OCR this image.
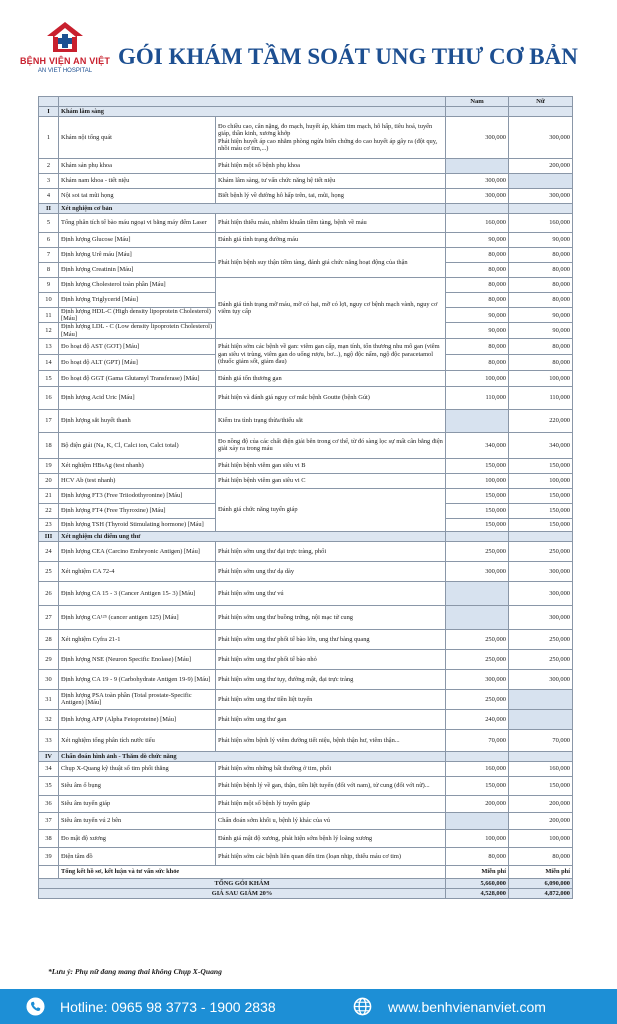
BỆNH VIỆN AN VIỆT
AN VIET HOSPITAL
GÓI KHÁM TẦM SOÁT UNG THƯ CƠ BẢN
			Nam	Nữ
I	Khám lâm sàng			
1	Khám nội tổng quát	Đo chiều cao, cân nặng, đo mạch, huyết áp, khám tim mạch, hô hấp, tiêu hoá, tuyến giáp, thần kinh, xương khớp
Phát hiện huyết áp cao nhằm phòng ngừa biến chứng do cao huyết áp gây ra (đột quỵ, nhồi máu cơ tim,...)	300,000	300,000
2	Khám sản phụ khoa	Phát hiện một số bệnh phụ khoa		200,000
3	Khám nam khoa - tiết niệu	Khám lâm sàng, tư vấn chức năng hệ tiết niệu	300,000	
4	Nội soi tai mũi họng	Biết bệnh lý về đường hô hấp trên, tai, mũi, họng	300,000	300,000
II	Xét nghiệm cơ bản			
5	Tổng phân tích tế bào máu ngoại vi bằng máy đếm Laser	Phát hiện thiếu máu, nhiễm khuẩn tiềm tàng, bệnh về máu	160,000	160,000
6	Định lượng Glucose [Máu]	Đánh giá tình trạng đường máu	90,000	90,000
7	Định lượng Urê máu [Máu]	Phát hiện bệnh suy thận tiềm tàng, đánh giá chức năng hoạt động của thận	80,000	80,000
8	Định lượng Creatinin [Máu]		80,000	80,000
9	Định lượng Cholesterol toàn phần [Máu]	Đánh giá tình trạng mỡ máu, mỡ có hại, mỡ có lợi, nguy cơ bệnh mạch vành, nguy cơ viêm tụy cấp	80,000	80,000
10	Định lượng Triglycerid [Máu]		80,000	80,000
11	Định lượng HDL-C (High density lipoprotein Cholesterol) [Máu]		90,000	90,000
12	Định lượng LDL - C (Low density lipoprotein Cholesterol) [Máu]		90,000	90,000
13	Đo hoạt độ AST (GOT) [Máu]	Phát hiện sớm các bệnh về gan: viêm gan cấp, mạn tính, tổn thương nhu mô gan (viêm gan siêu vi trùng, viêm gan do uống rượu, bơ...), ngộ độc nấm, ngộ độc paracetamol (thuốc giảm sốt, giảm đau)	80,000	80,000
14	Đo hoạt độ ALT (GPT) [Máu]		80,000	80,000
15	Đo hoạt độ GGT (Gama Glutamyl Transferase) [Máu]	Đánh giá tổn thương gan	100,000	100,000
16	Định lượng Acid Uric [Máu]	Phát hiện và đánh giá nguy cơ mắc bệnh Goutte (bệnh Gút)	110,000	110,000
17	Định lượng sắt huyết thanh	Kiểm tra tình trạng thừa/thiếu sắt		220,000
18	Bộ điện giải (Na, K, Cl, Calci ion, Calci total)	Đo nồng độ của các chất điện giải bên trong cơ thể, từ đó sàng lọc sự mất cân bằng điện giải xảy ra trong máu	340,000	340,000
19	Xét nghiệm HBsAg (test nhanh)	Phát hiện bệnh viêm gan siêu vi B	150,000	150,000
20	HCV Ab (test nhanh)	Phát hiện bệnh viêm gan siêu vi C	100,000	100,000
21	Định lượng FT3 (Free Triiodothyronine) [Máu]	Đánh giá chức năng tuyến giáp	150,000	150,000
22	Định lượng FT4 (Free Thyroxine) [Máu]		150,000	150,000
23	Định lượng TSH (Thyroid Stimulating hormone) [Máu]		150,000	150,000
III	Xét nghiệm chỉ điểm ung thư			
24	Định lượng CEA (Carcino Embryonic Antigen) [Máu]	Phát hiện sớm ung thư đại trực tràng, phổi	250,000	250,000
25	Xét nghiệm CA 72-4	Phát hiện sớm ung thư dạ dày	300,000	300,000
26	Định lượng CA 15 - 3 (Cancer Antigen 15- 3) [Máu]	Phát hiện sớm ung thư vú		300,000
27	Định lượng CA¹²⁵ (cancer antigen 125) [Máu]	Phát hiện sớm ung thư buồng trứng, nội mạc tử cung		300,000
28	Xét nghiệm Cyfra 21-1	Phát hiện sớm ung thư phổi tế bào lớn, ung thư bàng quang	250,000	250,000
29	Định lượng NSE (Neuron Specific Enolase) [Máu]	Phát hiện sớm ung thư phổi tế bào nhỏ	250,000	250,000
30	Định lượng CA 19 - 9 (Carbohydrate Antigen 19-9) [Máu]	Phát hiện sớm ung thư tụy, đường mật, đại trực tràng	300,000	300,000
31	Định lượng PSA toàn phần (Total prostate-Specific Antigen) [Máu]	Phát hiện sớm ung thư tiền liệt tuyến	250,000	
32	Định lượng AFP (Alpha Fetoproteine) [Máu]	Phát hiện sớm ung thư gan	240,000	
33	Xét nghiệm tổng phân tích nước tiểu	Phát hiện sớm bệnh lý viêm đường tiết niệu, bệnh thận hư, viêm thận...	70,000	70,000
IV	Chẩn đoán hình ảnh - Thăm dò chức năng			
34	Chụp X-Quang kỹ thuật số tim phổi thẳng	Phát hiện sớm những bất thường ở tim, phổi	160,000	160,000
35	Siêu âm ổ bụng	Phát hiện bệnh lý về gan, thận, tiền liệt tuyến (đối với nam), tử cung (đối với nữ)...	150,000	150,000
36	Siêu âm tuyến giáp	Phát hiện một số bệnh lý tuyến giáp	200,000	200,000
37	Siêu âm tuyến vú 2 bên	Chẩn đoán sớm khối u, bệnh lý khác của vú		200,000
38	Đo mật độ xương	Đánh giá mật độ xương, phát hiện sớm bệnh lý loãng xương	100,000	100,000
39	Điện tâm đồ	Phát hiện sớm các bệnh liên quan đến tim (loạn nhịp, thiếu máu cơ tim)	80,000	80,000
	Tổng kết hồ sơ, kết luận và tư vấn sức khỏe		Miễn phí	Miễn phí
TỔNG GÓI KHÁM			5,660,000	6,090,000
GIÁ SAU GIẢM 20%			4,528,000	4,872,000
*Lưu ý: Phụ nữ đang mang thai không Chụp X-Quang
Hotline: 0965 98 3773 - 1900 2838	www.benhvienanviet.com
